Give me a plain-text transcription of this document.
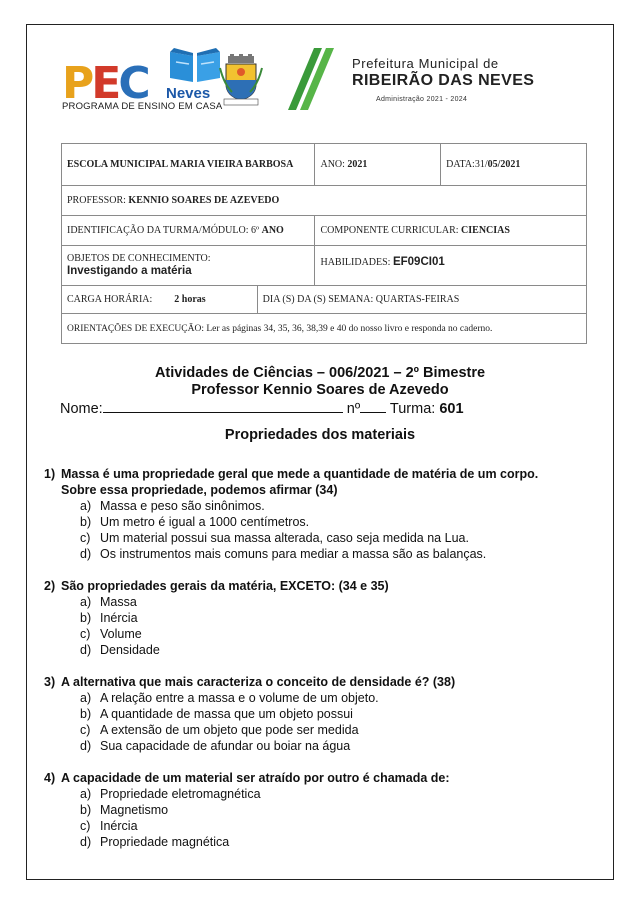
PEC Neves
PROGRAMA DE ENSINO EM CASA
Prefeitura Municipal de
RIBEIRÃO DAS NEVES
Administração 2021 - 2024
ESCOLA MUNICIPAL MARIA VIEIRA BARBOSA		ANO: 2021	DATA:31/05/2021
PROFESSOR: KENNIO SOARES DE AZEVEDO			
IDENTIFICAÇÃO DA TURMA/MÓDULO: 6º ANO		COMPONENTE CURRICULAR: CIENCIAS	
OBJETOS DE CONHECIMENTO:
Investigando a matéria		HABILIDADES: EF09CI01	
CARGA HORÁRIA: 2 horas	DIA (S) DA (S) SEMANA: QUARTAS-FEIRAS		
ORIENTAÇÕES DE EXECUÇÃO: Ler as páginas 34, 35, 36, 38,39 e 40 do nosso livro e responda no caderno.			
Atividades de Ciências – 006/2021 – 2º Bimestre
Professor Kennio Soares de Azevedo
Nome:	nº Turma: 601
Propriedades dos materiais
1) Massa é uma propriedade geral que mede a quantidade de matéria de um corpo.
Sobre essa propriedade, podemos afirmar (34)
a) Massa e peso são sinônimos.
b) Um metro é igual a 1000 centímetros.
c) Um material possui sua massa alterada, caso seja medida na Lua.
d) Os instrumentos mais comuns para mediar a massa são as balanças.
2) São propriedades gerais da matéria, EXCETO: (34 e 35)
a) Massa
b) Inércia
c) Volume
d) Densidade
3) A alternativa que mais caracteriza o conceito de densidade é? (38)
a) A relação entre a massa e o volume de um objeto.
b) A quantidade de massa que um objeto possui
c) A extensão de um objeto que pode ser medida
d) Sua capacidade de afundar ou boiar na água
4) A capacidade de um material ser atraído por outro é chamada de:
a) Propriedade eletromagnética
b) Magnetismo
c) Inércia
d) Propriedade magnética
